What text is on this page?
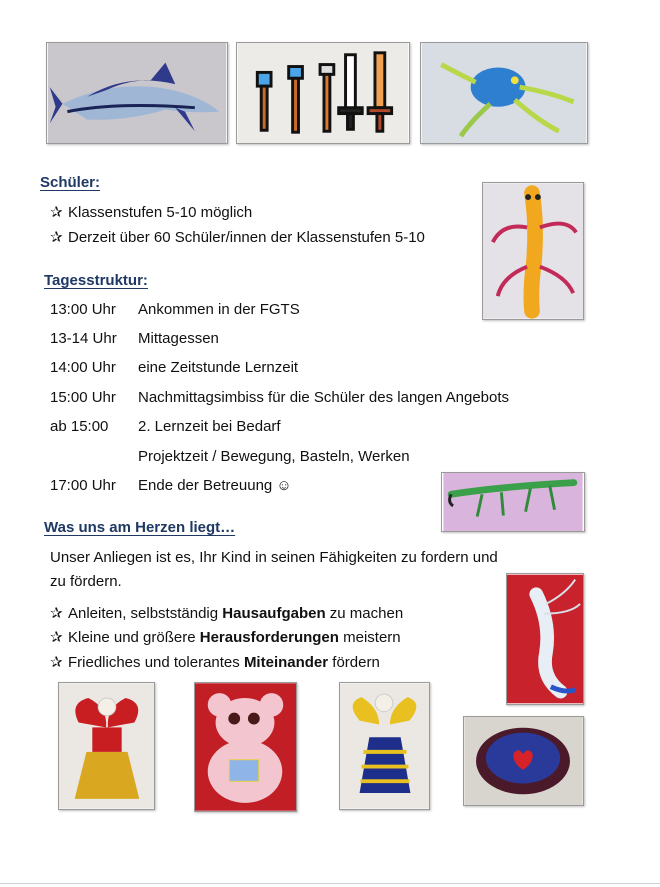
Schüler:
✰ Klassenstufen 5-10 möglich
✰ Derzeit über 60 Schüler/innen der Klassenstufen 5-10
Tagesstruktur:
13:00 Uhr Ankommen in der FGTS
13-14 Uhr Mittagessen
14:00 Uhr eine Zeitstunde Lernzeit
15:00 Uhr Nachmittagsimbiss für die Schüler des langen Angebots
ab 15:00 2. Lernzeit bei Bedarf
Projektzeit / Bewegung, Basteln, Werken
17:00 Uhr Ende der Betreuung ☺
Was uns am Herzen liegt…
Unser Anliegen ist es, Ihr Kind in seinen Fähigkeiten zu fordern und
zu fördern.
✰ Anleiten, selbstständig Hausaufgaben zu machen
✰ Kleine und größere Herausforderungen meistern
✰ Friedliches und tolerantes Miteinander fördern
